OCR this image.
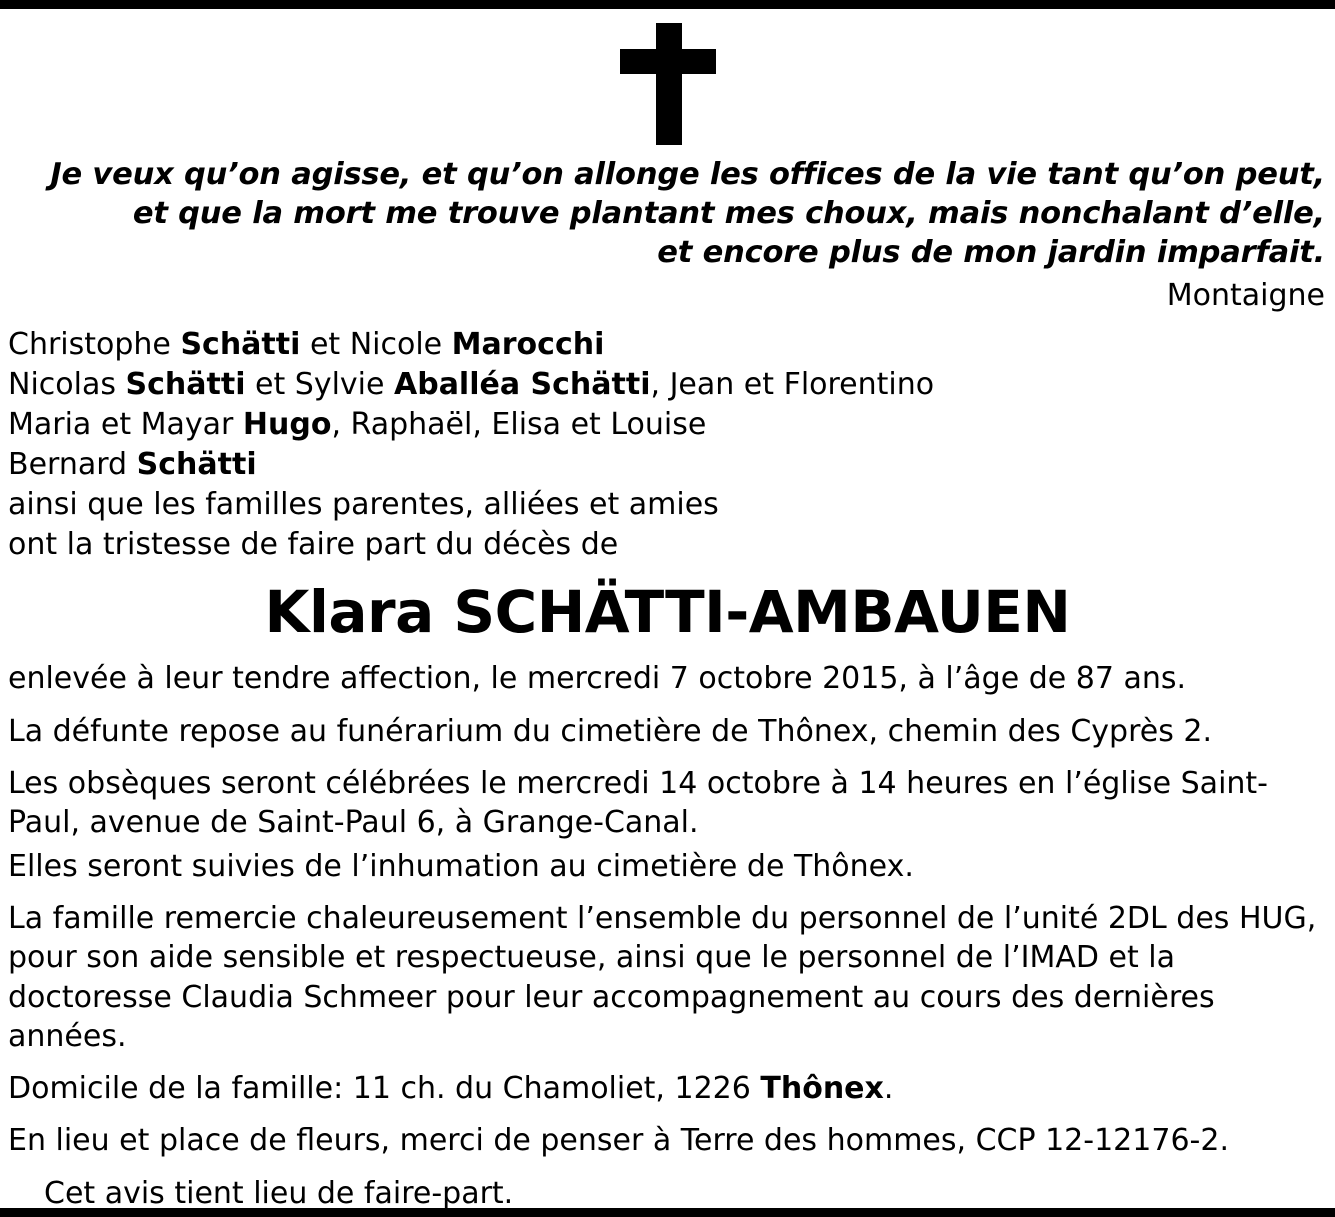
Je veux qu’on agisse, et qu’on allonge les offices de la vie tant qu’on peut,
et que la mort me trouve plantant mes choux, mais nonchalant d’elle,
et encore plus de mon jardin imparfait.
Montaigne
Christophe Schätti et Nicole Marocchi
Nicolas Schätti et Sylvie Aballéa Schätti, Jean et Florentino
Maria et Mayar Hugo, Raphaël, Elisa et Louise
Bernard Schätti
ainsi que les familles parentes, alliées et amies
ont la tristesse de faire part du décès de
Klara SCHÄTTI-AMBAUEN
enlevée à leur tendre affection, le mercredi 7 octobre 2015, à l’âge de 87 ans.
La défunte repose au funérarium du cimetière de Thônex, chemin des Cyprès 2.
Les obsèques seront célébrées le mercredi 14 octobre à 14 heures en l’église Saint-Paul, avenue de Saint-Paul 6, à Grange-Canal.
Elles seront suivies de l’inhumation au cimetière de Thônex.
La famille remercie chaleureusement l’ensemble du personnel de l’unité 2DL des HUG, pour son aide sensible et respectueuse, ainsi que le personnel de l’IMAD et la doctoresse Claudia Schmeer pour leur accompagnement au cours des dernières années.
Domicile de la famille: 11 ch. du Chamoliet, 1226 Thônex.
En lieu et place de fleurs, merci de penser à Terre des hommes, CCP 12-12176-2.
Cet avis tient lieu de faire-part.
